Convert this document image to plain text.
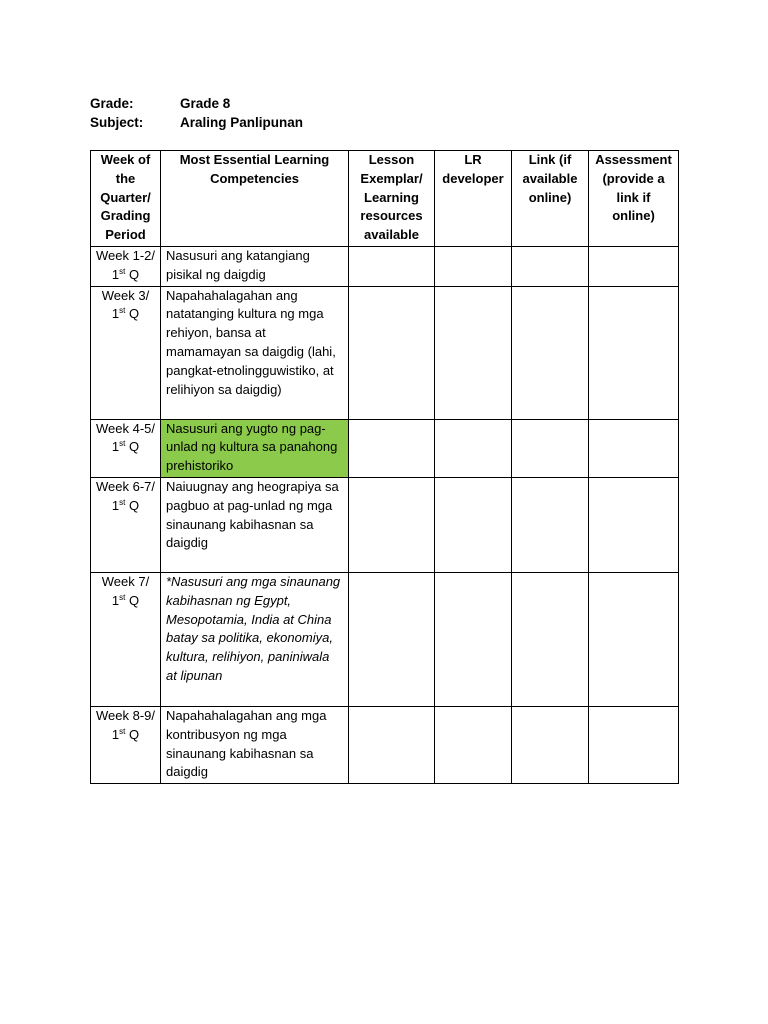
Grade:	Grade 8
Subject:	Araling Panlipunan
Week of the Quarter/ Grading Period	Most Essential Learning Competencies	Lesson Exemplar/ Learning resources available	LR developer	Link (if available online)	Assessment (provide a link if online)
Week 1-2/ 1st Q	Nasusuri ang katangiang pisikal ng daigdig				
Week 3/ 1st Q	Napahahalagahan ang natatanging kultura ng mga rehiyon, bansa at mamamayan sa daigdig (lahi, pangkat-etnolingguwistiko, at relihiyon sa daigdig)				
Week 4-5/ 1st Q	Nasusuri ang yugto ng pag-unlad ng kultura sa panahong prehistoriko				
Week 6-7/ 1st Q	Naiuugnay ang heograpiya sa pagbuo at pag-unlad ng mga sinaunang kabihasnan sa daigdig				
Week 7/ 1st Q	*Nasusuri ang mga sinaunang kabihasnan ng Egypt, Mesopotamia, India at China batay sa politika, ekonomiya, kultura, relihiyon, paniniwala at lipunan				
Week 8-9/ 1st Q	Napahahalagahan ang mga kontribusyon ng mga sinaunang kabihasnan sa daigdig				
